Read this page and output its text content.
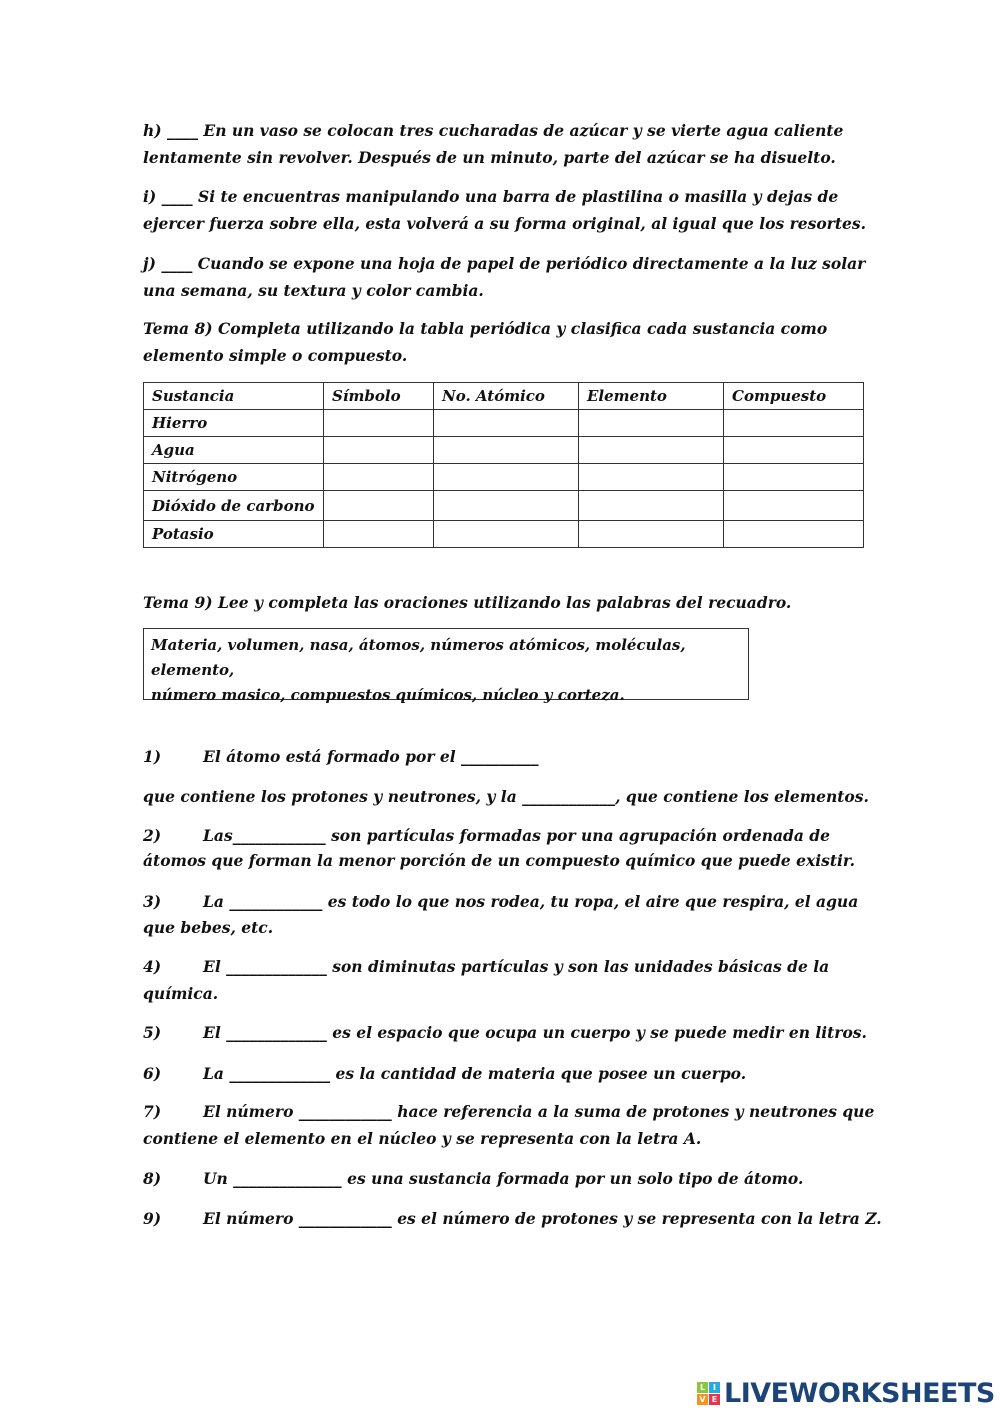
h) ____ En un vaso se colocan tres cucharadas de azúcar y se vierte agua caliente
lentamente sin revolver. Después de un minuto, parte del azúcar se ha disuelto.
i) ____ Si te encuentras manipulando una barra de plastilina o masilla y dejas de
ejercer fuerza sobre ella, esta volverá a su forma original, al igual que los resortes.
j) ____ Cuando se expone una hoja de papel de periódico directamente a la luz solar
una semana, su textura y color cambia.
Tema 8) Completa utilizando la tabla periódica y clasifica cada sustancia como
elemento simple o compuesto.
Sustancia	Símbolo	No. Atómico	Elemento	Compuesto
Hierro				
Agua				
Nitrógeno				
Dióxido de carbono				
Potasio				
Tema 9) Lee y completa las oraciones utilizando las palabras del recuadro.
Materia, volumen, nasa, átomos, números atómicos, moléculas, elemento,
número masico, compuestos químicos, núcleo y corteza.
1)	El átomo está formado por el __________
que contiene los protones y neutrones, y la ____________, que contiene los elementos.
2)	Las____________ son partículas formadas por una agrupación ordenada de
átomos que forman la menor porción de un compuesto químico que puede existir.
3)	La ____________ es todo lo que nos rodea, tu ropa, el aire que respira, el agua
que bebes, etc.
4)	El _____________ son diminutas partículas y son las unidades básicas de la
química.
5)	El _____________ es el espacio que ocupa un cuerpo y se puede medir en litros.
6)	La _____________ es la cantidad de materia que posee un cuerpo.
7)	El número ____________ hace referencia a la suma de protones y neutrones que
contiene el elemento en el núcleo y se representa con la letra A.
8)	Un ______________ es una sustancia formada por un solo tipo de átomo.
9)	El número ____________ es el número de protones y se representa con la letra Z.
L I
V E LIVEWORKSHEETS
